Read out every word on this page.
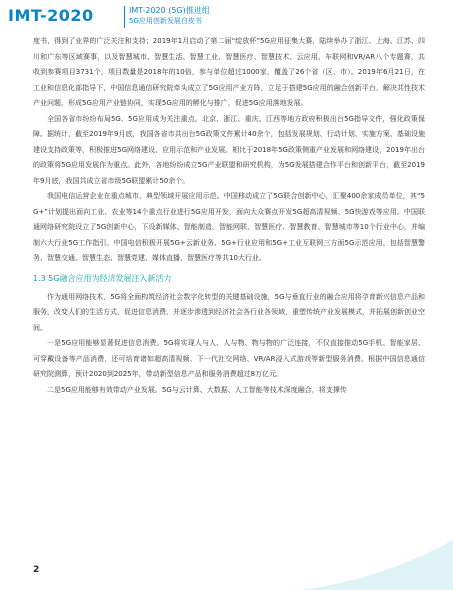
IMT-2020	IMT-2020 (5G)推进组
5G应用创新发展白皮书

度书，得到了业界的广泛关注和支持；2019年1月启动了第二届“绽放杯”5G应用征集大赛，陆续举办了浙江、上海、江苏、四川和广东等区域赛事，以及智慧城市、智慧生活、智慧工业、智慧医疗、智慧技术、云应用、车联网和VR/AR八个专题赛，共收到参赛项目3731个，项目数量是2018年的10倍，参与单位超过1000家，覆盖了26个省（区、市）。2019年6月21日，在工业和信息化部指导下，中国信息通信研究院牵头成立了5G应用产业方阵，立足于搭建5G应用的融合创新平台，解决共性技术产业问题，形成5G应用产业链协同，实现5G应用的孵化与推广，促进5G应用落地发展。

全国各省市纷纷布局5G、5G应用成为关注重点。北京、浙江、重庆、江西等地方政府积极出台5G指导文件，强化政策保障。据统计，截至2019年9月底，我国各省市共出台5G政策文件累计40余个，包括发展规划、行动计划、实施方案、基础设施建设支持政策等，积极推进5G网络建设、应用示范和产业发展。相比于2018年5G政策侧重产业发展和网络建设，2019年出台的政策将5G应用发展作为重点。此外，各地纷纷成立5G产业联盟和研究机构，为5G发展搭建合作平台和创新平台，截至2019年9月底，我国共成立省市级5G联盟累计50余个。

我国电信运营企业在重点城市、典型领域开展应用示范。中国移动成立了5G联合创新中心，汇聚400余家成员单位，其“5G+”计划提出面向工业、农业等14个重点行业进行5G应用开发，面向大众赛点开发5G超高清视频、5G快游戏等应用。中国联通网络研究院设立了5G创新中心，下设新媒体、智能制造、智能网联、智慧医疗、智慧教育、智慧城市等10个行业中心，并编制六大行业5G工作指引。中国电信积极开展5G+云新业务、5G+行业应用和5G+工业互联网三方面5G示范应用，包括智慧警务、智慧交通、智慧生态、智慧党建、媒体直播、智慧医疗等共10大行业。

1.3 5G融合应用为经济发展注入新活力

作为通用网络技术，5G将全面构筑经济社会数字化转型的关键基础设施，5G与垂直行业的融合应用将孕育新兴信息产品和服务，改变人们的生活方式，促进信息消费，并逐步渗透到经济社会各行业各领域，重塑传统产业发展模式，并拓展创新创业空间。

一是5G应用能够显著促进信息消费。5G将实现人与人、人与物、物与物的广泛连接，不仅直接推动5G手机、智能家居、可穿戴设备等产品消费，还可培育诸如超高清视频、下一代社交网络、VR/AR浸入式游戏等新型服务消费。根据中国信息通信研究院测算，预计2020到2025年，带动新型信息产品和服务消费超过8万亿元。

二是5G应用能够有效带动产业发展。5G与云计算、大数据、人工智能等技术深度融合，将支撑传

2
